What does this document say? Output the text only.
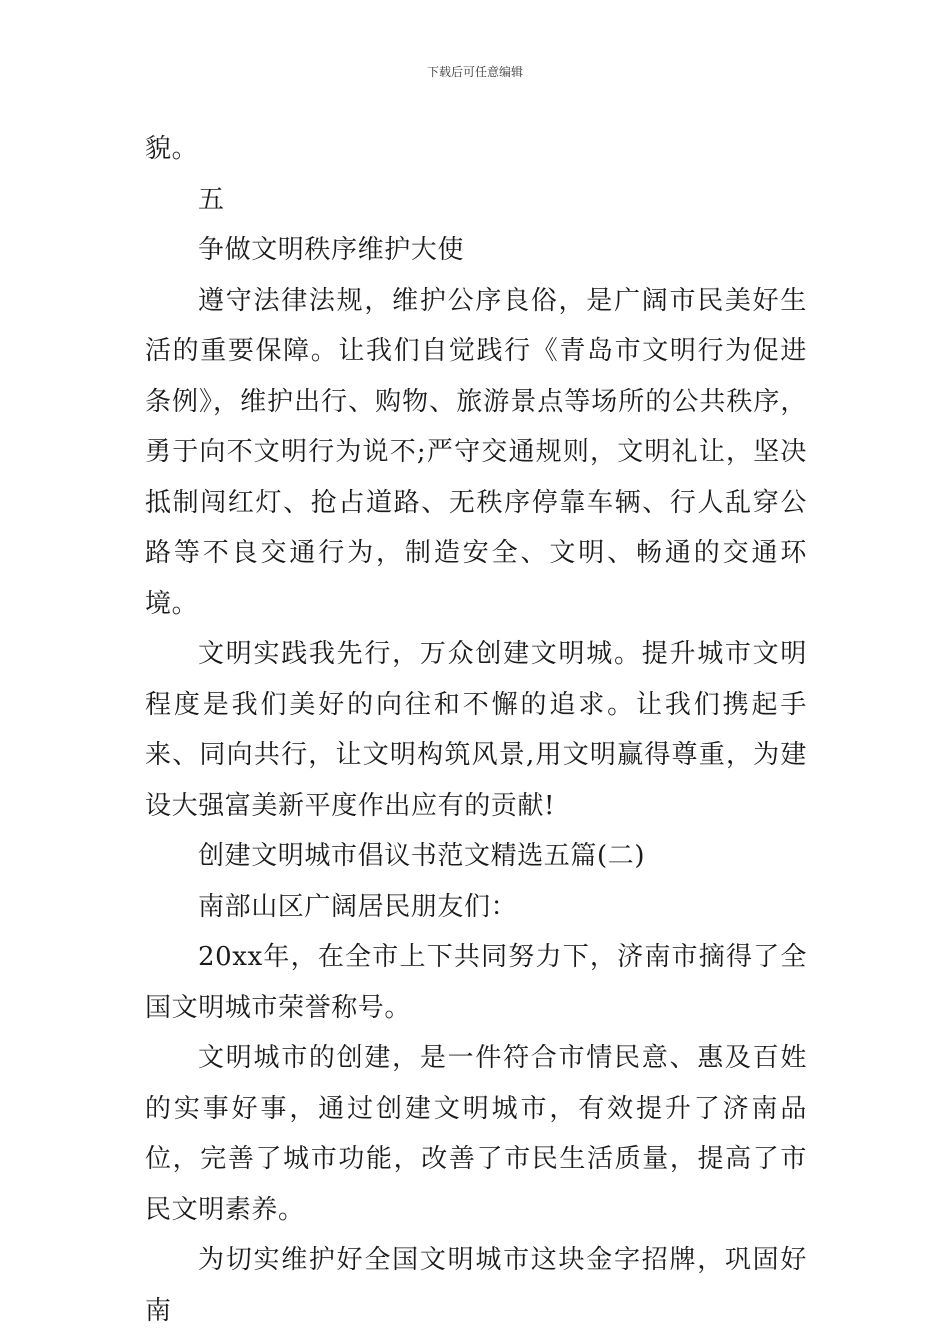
下载后可任意编辑

貌。

五

争做文明秩序维护大使

遵守法律法规，维护公序良俗，是广阔市民美好生活的重要保障。让我们自觉践行《青岛市文明行为促进条例》，维护出行、购物、旅游景点等场所的公共秩序，勇于向不文明行为说不;严守交通规则，文明礼让，坚决抵制闯红灯、抢占道路、无秩序停靠车辆、行人乱穿公路等不良交通行为，制造安全、文明、畅通的交通环境。

文明实践我先行，万众创建文明城。提升城市文明程度是我们美好的向往和不懈的追求。让我们携起手来、同向共行，让文明构筑风景,用文明赢得尊重，为建设大强富美新平度作出应有的贡献!

创建文明城市倡议书范文精选五篇(二)

南部山区广阔居民朋友们：

20xx年，在全市上下共同努力下，济南市摘得了全国文明城市荣誉称号。

文明城市的创建，是一件符合市情民意、惠及百姓的实事好事，通过创建文明城市，有效提升了济南品位，完善了城市功能，改善了市民生活质量，提高了市民文明素养。

为切实维护好全国文明城市这块金字招牌，巩固好南
